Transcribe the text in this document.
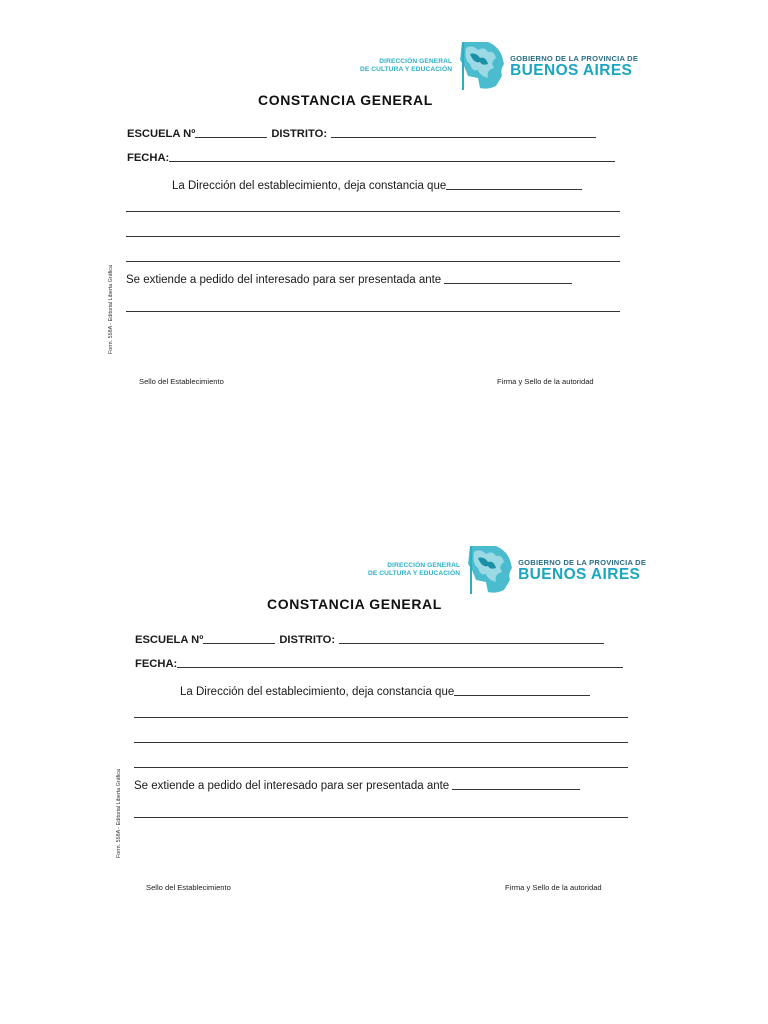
DIRECCIÓN GENERAL
DE CULTURA Y EDUCACIÓN
GOBIERNO DE LA PROVINCIA DE
BUENOS AIRES
CONSTANCIA GENERAL
ESCUELA Nº	DISTRITO:
FECHA:
La Dirección del establecimiento, deja constancia que
Se extiende a pedido del interesado para ser presentada ante
Form. 558A - Editorial Liberta Gráfica
Sello del Establecimiento	Firma y Sello de la autoridad
DIRECCIÓN GENERAL
DE CULTURA Y EDUCACIÓN
GOBIERNO DE LA PROVINCIA DE
BUENOS AIRES
CONSTANCIA GENERAL
ESCUELA Nº	DISTRITO:
FECHA:
La Dirección del establecimiento, deja constancia que
Se extiende a pedido del interesado para ser presentada ante
Form. 558A - Editorial Liberta Gráfica
Sello del Establecimiento	Firma y Sello de la autoridad
